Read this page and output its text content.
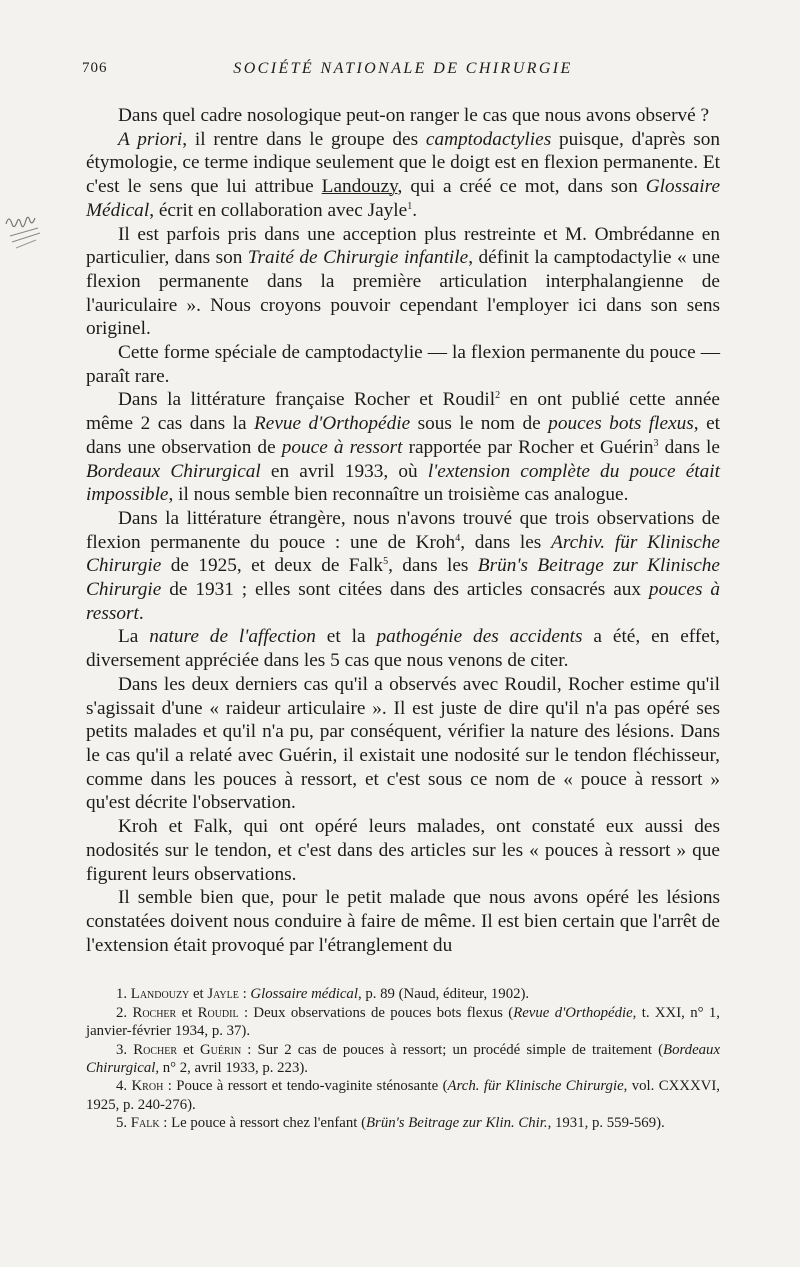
706	SOCIÉTÉ NATIONALE DE CHIRURGIE

Dans quel cadre nosologique peut-on ranger le cas que nous avons observé ?

A priori, il rentre dans le groupe des camptodactylies puisque, d'après son étymologie, ce terme indique seulement que le doigt est en flexion permanente. Et c'est le sens que lui attribue Landouzy, qui a créé ce mot, dans son Glossaire Médical, écrit en collaboration avec Jayle$^1$.

Il est parfois pris dans une acception plus restreinte et M. Ombrédanne en particulier, dans son Traité de Chirurgie infantile, définit la camptodactylie « une flexion permanente dans la première articulation interphalangienne de l'auriculaire ». Nous croyons pouvoir cependant l'employer ici dans son sens originel.

Cette forme spéciale de camptodactylie — la flexion permanente du pouce — paraît rare.

Dans la littérature française Rocher et Roudil$^2$ en ont publié cette année même 2 cas dans la Revue d'Orthopédie sous le nom de pouces bots flexus, et dans une observation de pouce à ressort rapportée par Rocher et Guérin$^3$ dans le Bordeaux Chirurgical en avril 1933, où l'extension complète du pouce était impossible, il nous semble bien reconnaître un troisième cas analogue.

Dans la littérature étrangère, nous n'avons trouvé que trois observations de flexion permanente du pouce : une de Kroh$^4$, dans les Archiv. für Klinische Chirurgie de 1925, et deux de Falk$^5$, dans les Brün's Beitrage zur Klinische Chirurgie de 1931 ; elles sont citées dans des articles consacrés aux pouces à ressort.

La nature de l'affection et la pathogénie des accidents a été, en effet, diversement appréciée dans les 5 cas que nous venons de citer.

Dans les deux derniers cas qu'il a observés avec Roudil, Rocher estime qu'il s'agissait d'une « raideur articulaire ». Il est juste de dire qu'il n'a pas opéré ses petits malades et qu'il n'a pu, par conséquent, vérifier la nature des lésions. Dans le cas qu'il a relaté avec Guérin, il existait une nodosité sur le tendon fléchisseur, comme dans les pouces à ressort, et c'est sous ce nom de « pouce à ressort » qu'est décrite l'observation.

Kroh et Falk, qui ont opéré leurs malades, ont constaté eux aussi des nodosités sur le tendon, et c'est dans des articles sur les « pouces à ressort » que figurent leurs observations.

Il semble bien que, pour le petit malade que nous avons opéré les lésions constatées doivent nous conduire à faire de même. Il est bien certain que l'arrêt de l'extension était provoqué par l'étranglement du

1. Landouzy et Jayle : Glossaire médical, p. 89 (Naud, éditeur, 1902).

2. Rocher et Roudil : Deux observations de pouces bots flexus (Revue d'Orthopédie, t. XXI, n° 1, janvier-février 1934, p. 37).

3. Rocher et Guérin : Sur 2 cas de pouces à ressort; un procédé simple de traitement (Bordeaux Chirurgical, n° 2, avril 1933, p. 223).

4. Kroh : Pouce à ressort et tendo-vaginite sténosante (Arch. für Klinische Chirurgie, vol. CXXXVI, 1925, p. 240-276).

5. Falk : Le pouce à ressort chez l'enfant (Brün's Beitrage zur Klin. Chir., 1931, p. 559-569).
